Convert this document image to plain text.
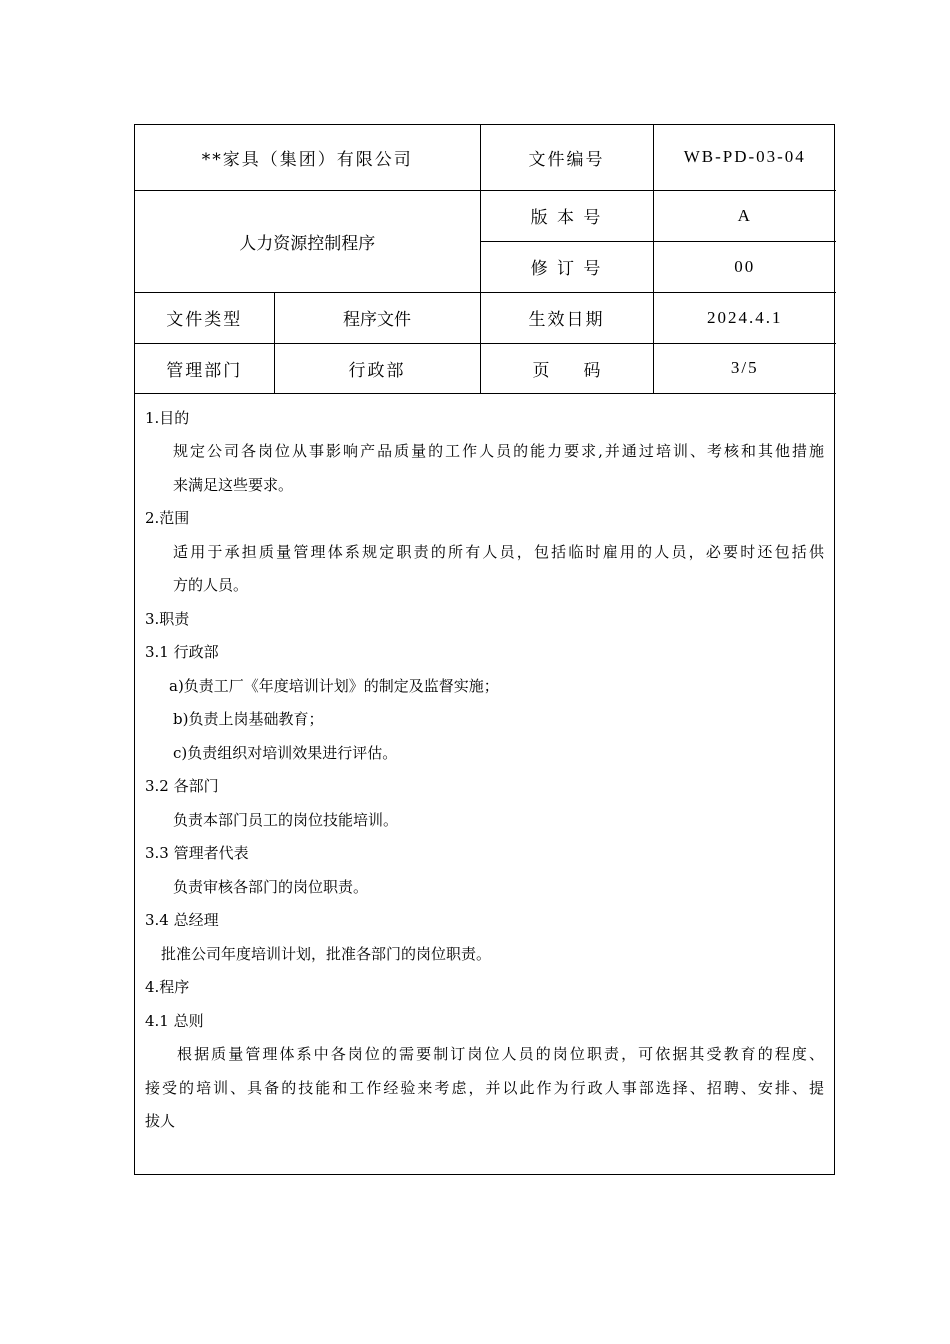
**家具（集团）有限公司		文件编号	WB-PD-03-04
人力资源控制程序		版 本 号	A
		修 订 号	00
文件类型	程序文件	生效日期	2024.4.1
管理部门	行政部	页　　码	3/5
1.目的
规定公司各岗位从事影响产品质量的工作人员的能力要求,并通过培训、考核和其他措施
来满足这些要求。
2.范围
适用于承担质量管理体系规定职责的所有人员，包括临时雇用的人员，必要时还包括供
方的人员。
3.职责
3.1 行政部
a)负责工厂《年度培训计划》的制定及监督实施；
b)负责上岗基础教育；
c)负责组织对培训效果进行评估。
3.2 各部门
负责本部门员工的岗位技能培训。
3.3 管理者代表
负责审核各部门的岗位职责。
3.4 总经理
批准公司年度培训计划，批准各部门的岗位职责。
4.程序
4.1 总则
根据质量管理体系中各岗位的需要制订岗位人员的岗位职责，可依据其受教育的程度、
接受的培训、具备的技能和工作经验来考虑，并以此作为行政人事部选择、招聘、安排、提
拔人
